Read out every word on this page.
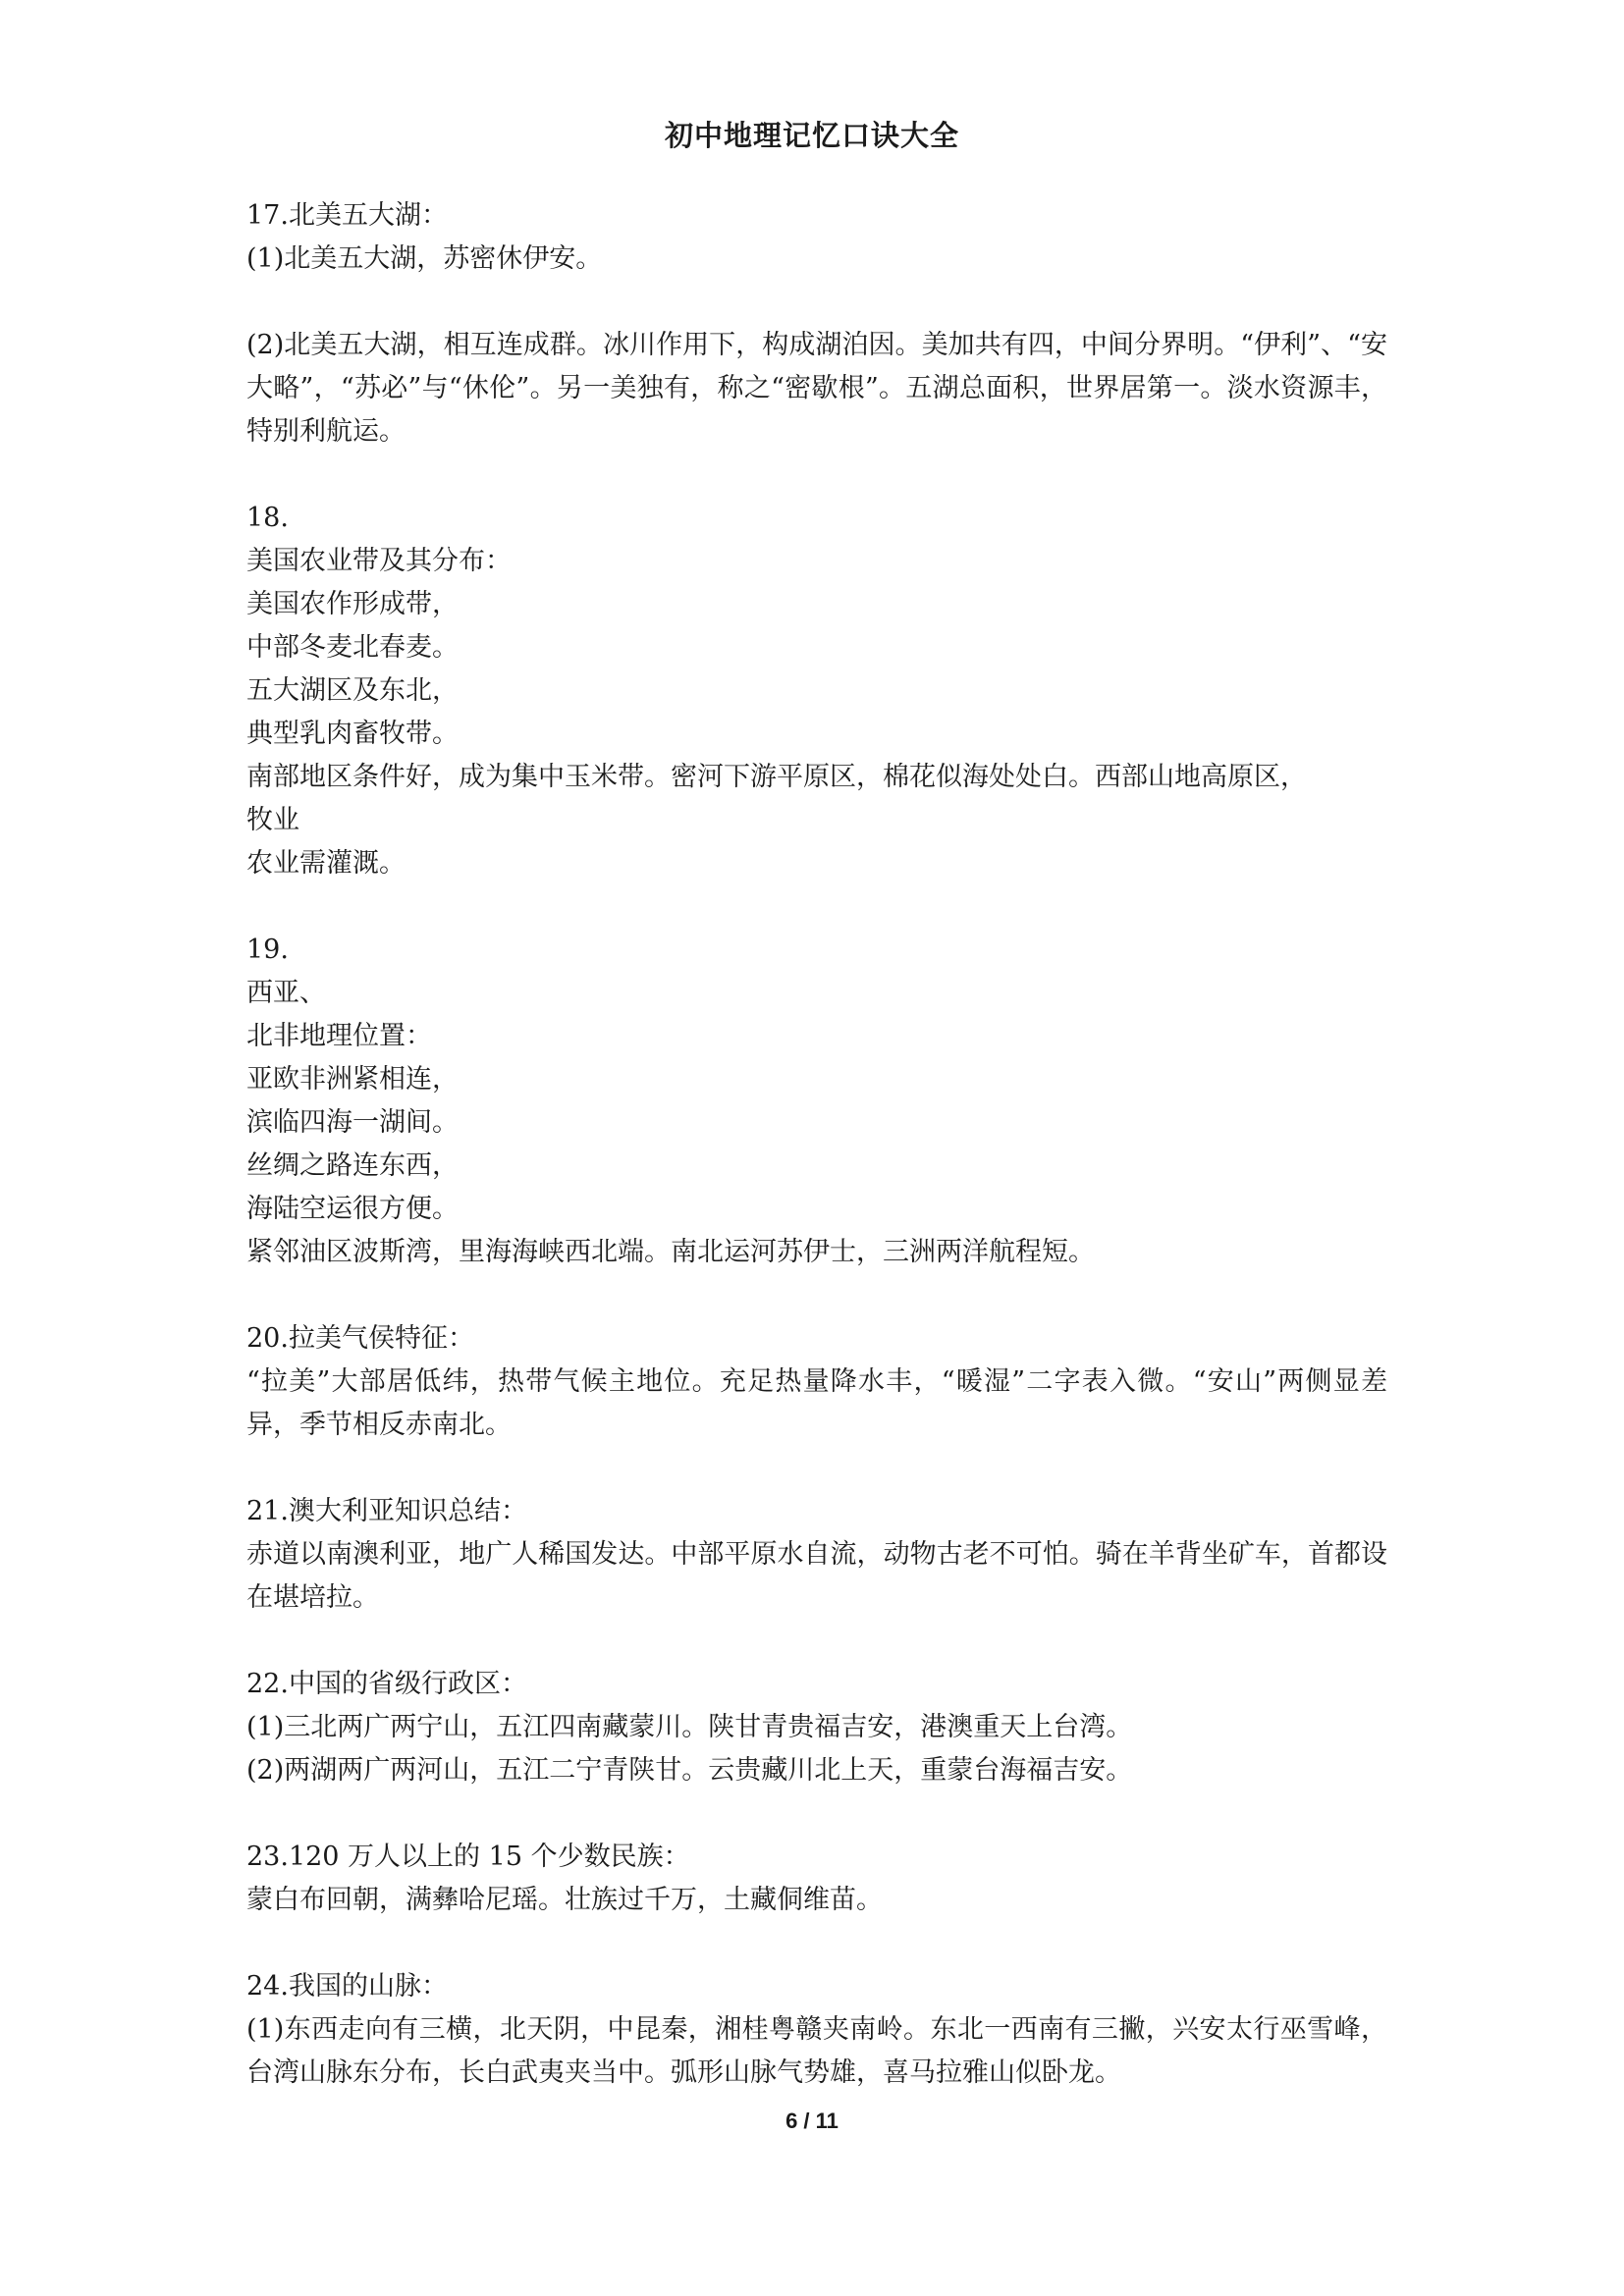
初中地理记忆口诀大全
17.北美五大湖：
(1)北美五大湖，苏密休伊安。
(2)北美五大湖，相互连成群。冰川作用下，构成湖泊因。美加共有四，中间分界明。“伊利”、“安大略”，“苏必”与“休伦”。另一美独有，称之“密歇根”。五湖总面积，世界居第一。淡水资源丰，特别利航运。
18.
美国农业带及其分布：
美国农作形成带，
中部冬麦北春麦。
五大湖区及东北，
典型乳肉畜牧带。
南部地区条件好，成为集中玉米带。密河下游平原区，棉花似海处处白。西部山地高原区，
牧业
农业需灌溉。
19.
西亚、
北非地理位置：
亚欧非洲紧相连，
滨临四海一湖间。
丝绸之路连东西，
海陆空运很方便。
紧邻油区波斯湾，里海海峡西北端。南北运河苏伊士，三洲两洋航程短。
20.拉美气侯特征：
“拉美”大部居低纬，热带气候主地位。充足热量降水丰，“暖湿”二字表入微。“安山”两侧显差异，季节相反赤南北。
21.澳大利亚知识总结：
赤道以南澳利亚，地广人稀国发达。中部平原水自流，动物古老不可怕。骑在羊背坐矿车，首都设在堪培拉。
22.中国的省级行政区：
(1)三北两广两宁山，五江四南藏蒙川。陕甘青贵福吉安，港澳重天上台湾。
(2)两湖两广两河山，五江二宁青陕甘。云贵藏川北上天，重蒙台海福吉安。
23.120 万人以上的 15 个少数民族：
蒙白布回朝，满彝哈尼瑶。壮族过千万，土藏侗维苗。
24.我国的山脉：
(1)东西走向有三横，北天阴，中昆秦，湘桂粤赣夹南岭。东北一西南有三撇，兴安太行巫雪峰，台湾山脉东分布，长白武夷夹当中。弧形山脉气势雄，喜马拉雅山似卧龙。
6 / 11
